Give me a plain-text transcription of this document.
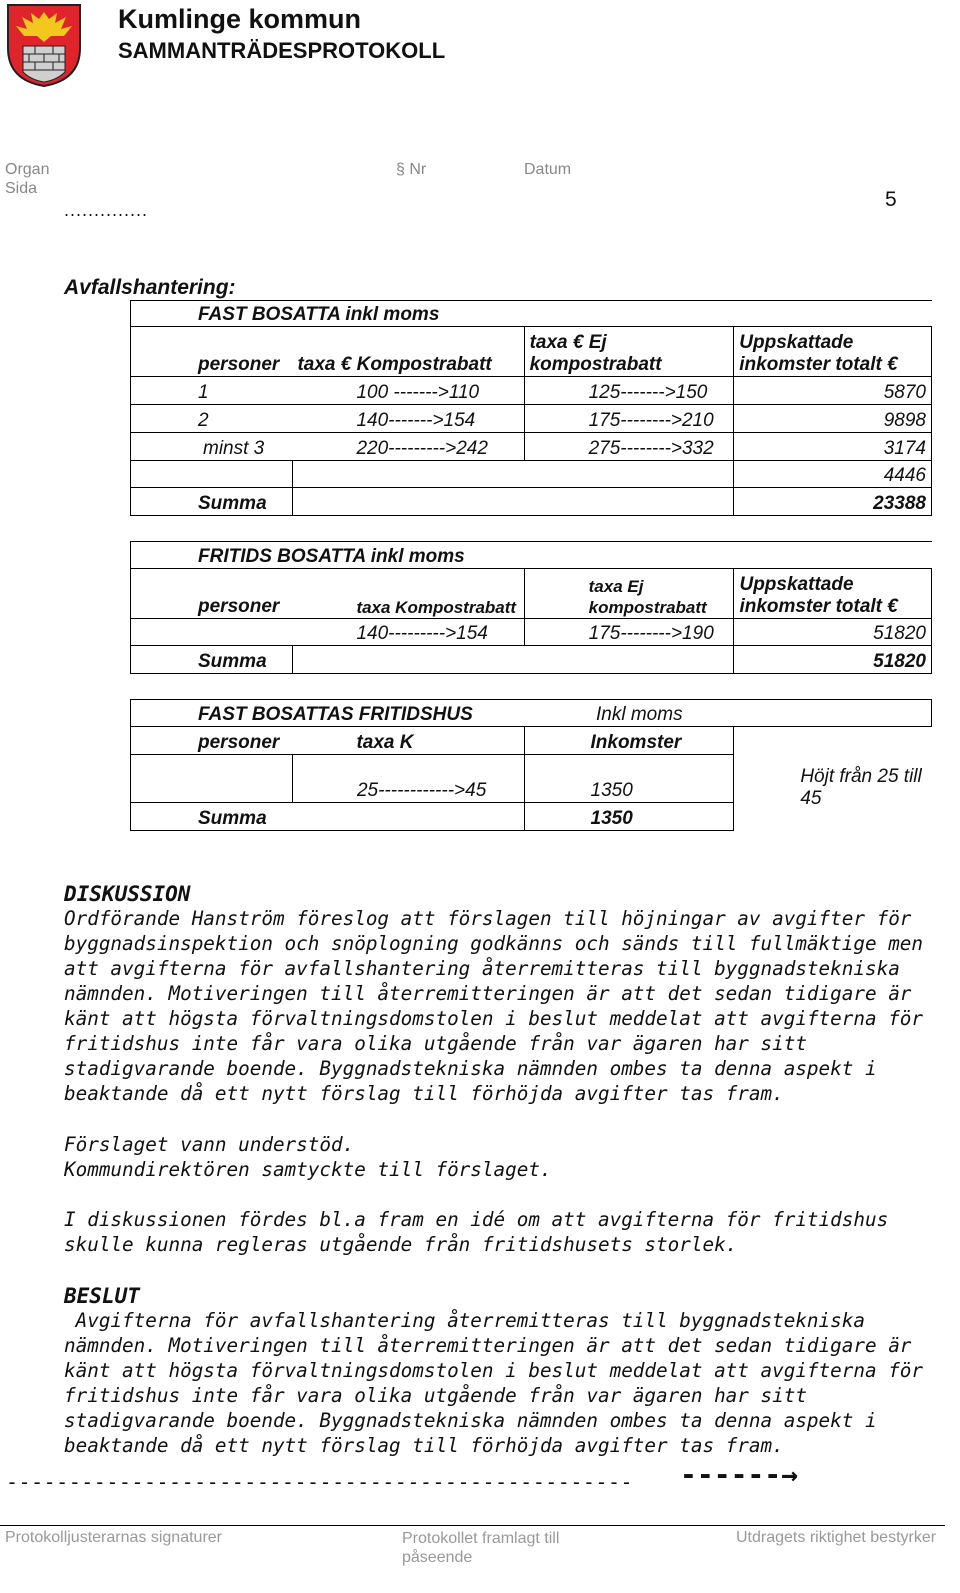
Kumlinge kommun
SAMMANTRÄDESPROTOKOLL
Organ
Sida
§ Nr	Datum
5
..............
Avfallshantering:
FAST BOSATTA inkl moms			
personer	taxa € Kompostrabatt	taxa € Ej kompostrabatt	Uppskattade inkomster totalt €
1	100 ------->110	125------->150	5870
2	140------->154	175-------->210	9898
minst 3	220--------->242	275-------->332	3174
			4446
Summa			23388
FRITIDS BOSATTA inkl moms			
personer	taxa Kompostrabatt	taxa Ej kompostrabatt	Uppskattade inkomster totalt €
	140--------->154	175-------->190	51820
Summa			51820
FAST BOSATTAS FRITIDSHUS		Inkl moms	
personer	taxa K	Inkomster	Höjt från 25 till 45
	25------------>45	1350	
Summa		1350	
DISKUSSION
Ordförande Hanström föreslog att förslagen till höjningar av avgifter för byggnadsinspektion och snöplogning godkänns och sänds till fullmäktige men att avgifterna för avfallshantering återremitteras till byggnadstekniska nämnden. Motiveringen till återremitteringen är att det sedan tidigare är känt att högsta förvaltningsdomstolen i beslut meddelat att avgifterna för fritidshus inte får vara olika utgående från var ägaren har sitt stadigvarande boende. Byggnadstekniska nämnden ombes ta denna aspekt i beaktande då ett nytt förslag till förhöjda avgifter tas fram.
Förslaget vann understöd.
Kommundirektören samtyckte till förslaget.
I diskussionen fördes bl.a fram en idé om att avgifterna för fritidshus skulle kunna regleras utgående från fritidshusets storlek.
BESLUT
Avgifterna för avfallshantering återremitteras till byggnadstekniska nämnden. Motiveringen till återremitteringen är att det sedan tidigare är känt att högsta förvaltningsdomstolen i beslut meddelat att avgifterna för fritidshus inte får vara olika utgående från var ägaren har sitt stadigvarande boende. Byggnadstekniska nämnden ombes ta denna aspekt i beaktande då ett nytt förslag till förhöjda avgifter tas fram.
-------------------------------------------------- ------→
Protokolljusterarnas signaturer	Protokollet framlagt till påseende
Utdragets riktighet bestyrker
